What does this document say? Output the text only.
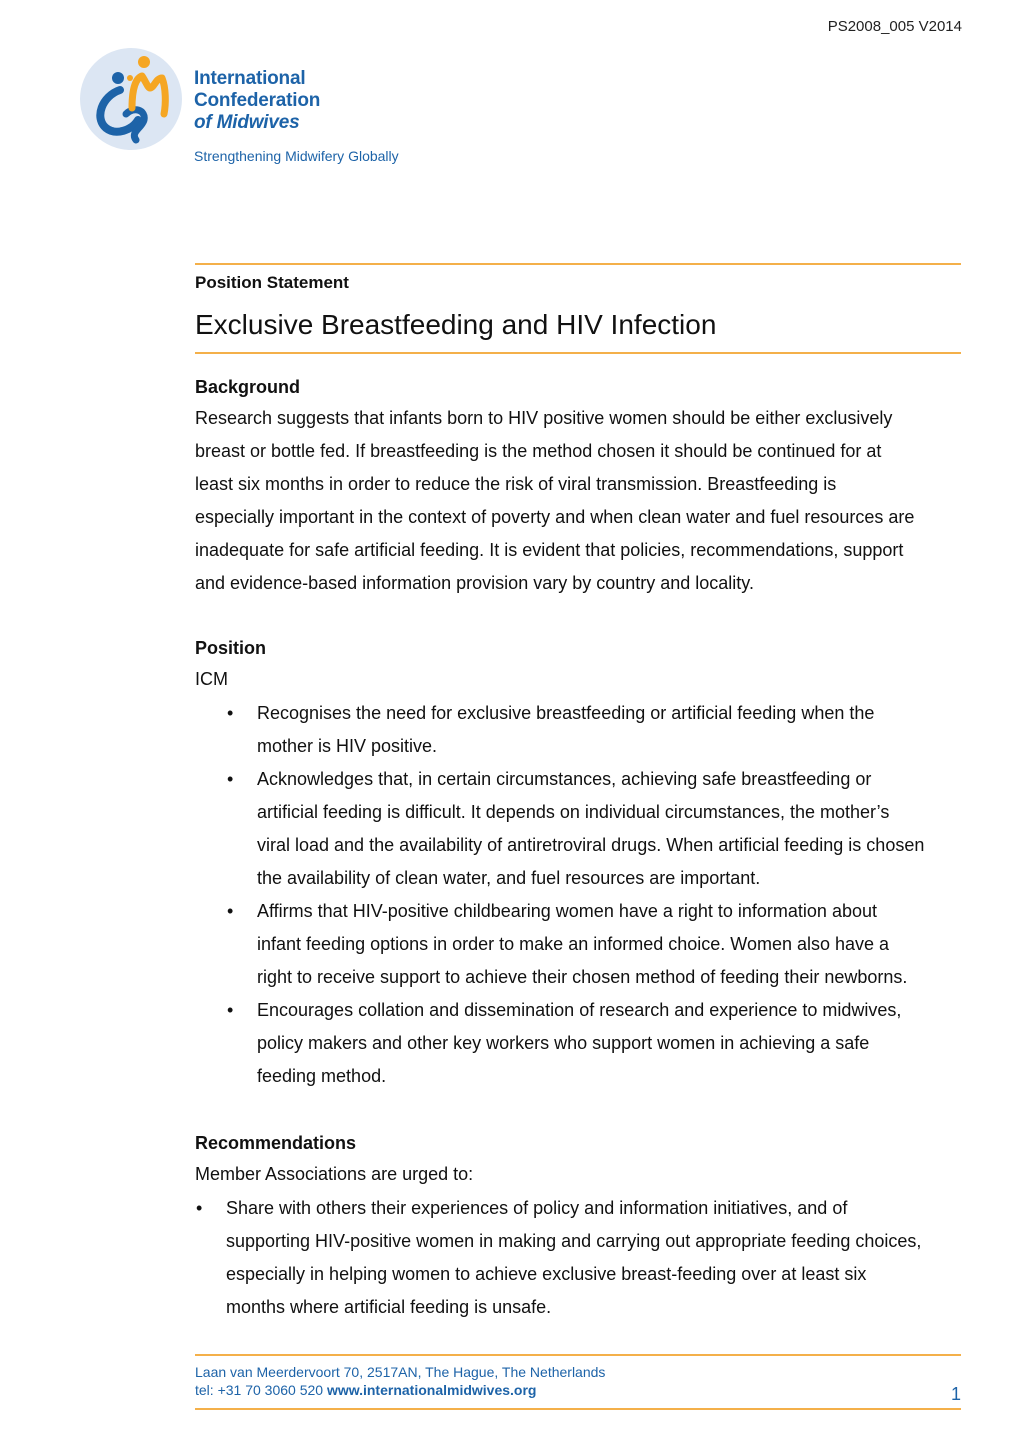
PS2008_005 V2014
International
Confederation
of Midwives
Strengthening Midwifery Globally
Position Statement
Exclusive Breastfeeding and HIV Infection
Background
Research suggests that infants born to HIV positive women should be either exclusively
breast or bottle fed. If breastfeeding is the method chosen it should be continued for at
least six months in order to reduce the risk of viral transmission. Breastfeeding is
especially important in the context of poverty and when clean water and fuel resources are
inadequate for safe artificial feeding. It is evident that policies, recommendations, support
and evidence-based information provision vary by country and locality.
Position
ICM
• Recognises the need for exclusive breastfeeding or artificial feeding when the
mother is HIV positive.
• Acknowledges that, in certain circumstances, achieving safe breastfeeding or
artificial feeding is difficult. It depends on individual circumstances, the mother’s
viral load and the availability of antiretroviral drugs. When artificial feeding is chosen
the availability of clean water, and fuel resources are important.
• Affirms that HIV-positive childbearing women have a right to information about
infant feeding options in order to make an informed choice. Women also have a
right to receive support to achieve their chosen method of feeding their newborns.
• Encourages collation and dissemination of research and experience to midwives,
policy makers and other key workers who support women in achieving a safe
feeding method.
Recommendations
Member Associations are urged to:
• Share with others their experiences of policy and information initiatives, and of
supporting HIV-positive women in making and carrying out appropriate feeding choices,
especially in helping women to achieve exclusive breast-feeding over at least six
months where artificial feeding is unsafe.
Laan van Meerdervoort 70, 2517AN, The Hague, The Netherlands
tel: +31 70 3060 520 www.internationalmidwives.org	1
